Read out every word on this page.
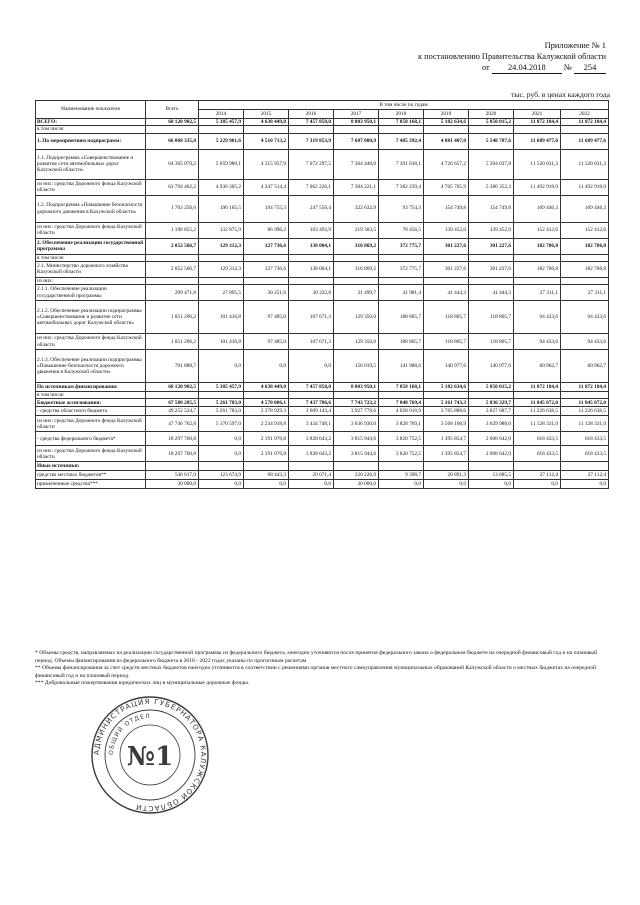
Приложение № 1
к постановлению Правительства Калужской области
от 24.04.2018 № 254
тыс. руб. в ценах каждого года
Наименование показателя	Всего	В том числе по годам								
		2014	2015	2016	2017	2018	2019	2020	2021	2022
ВСЕГО:	68 120 902,5	5 385 457,9	4 638 449,8	7 457 858,0	8 003 950,1	7 858 168,1	5 182 634,6	5 850 015,2	11 872 184,4	11 872 184,4
в том числе:										
1. По мероприятиям подпрограмм:	66 068 335,8	5 229 901,6	4 510 713,2	7 319 853,9	7 687 080,9	7 485 392,4	4 881 407,0	5 548 787,6	11 689 477,6	11 689 477,6
1.1. Подпрограмма «Совершенствование и развитие сети автомобильных дорог Калужской области»	64 365 079,2	5 059 980,1	4 315 957,9	7 072 297,5	7 364 448,0	7 391 638,1	4 726 657,2	5 394 037,8	11 520 031,3	11 520 031,3
из них: средства Дорожного фонда Калужской области	63 794 462,2	4 936 305,2	4 247 514,4	7 062 226,1	7 304 221,1	7 382 239,4	4 705 765,9	5 380 352,3	11 492 918,9	11 492 918,9
1.2. Подпрограмма «Повышение безопасности дорожного движения в Калужской области»	1 703 256,6	196 165,5	194 755,3	247 556,4	322 632,9	93 754,3	154 749,8	154 749,8	169 446,3	169 446,3
из них: средства Дорожного фонда Калужской области	1 198 855,2	132 875,9	86 996,2	103 493,9	219 303,5	78 456,5	139 452,0	139 452,0	152 412,6	152 412,6
2. Обеспечение реализации государственной программы	2 052 566,7	129 312,3	127 736,6	138 004,1	316 869,2	372 775,7	301 227,6	301 227,6	182 706,8	182 706,8
в том числе:										
2.1. Министерство дорожного хозяйства Калужской области	2 052 566,7	129 312,3	127 736,6	138 004,1	316 869,2	372 775,7	301 227,6	301 227,6	182 706,8	182 706,8
из них:										
2.1.1. Обеспечение реализации государственной программы	299 471,8	27 895,5	30 251,6	30 332,8	31 499,7	41 981,4	41 444,3	41 444,3	27 311,1	27 311,1
2.1.2. Обеспечение реализации подпрограммы «Совершенствование и развитие сети автомобильных дорог Калужской области»	1 051 206,2	101 416,8	97 485,0	107 671,3	129 350,0	188 805,7	118 805,7	118 805,7	94 433,6	94 433,6
из них: средства Дорожного фонда Калужской области	1 051 206,2	101 416,8	97 485,0	107 671,3	129 350,0	188 805,7	118 805,7	118 805,7	94 433,6	94 433,6
2.1.3. Обеспечение реализации подпрограммы «Повышение безопасности дорожного движения в Калужской области»	701 888,7	0,0	0,0	0,0	156 019,5	141 988,6	140 977,6	140 977,6	60 962,7	60 962,7
По источникам финансирования:	68 120 902,5	5 385 457,9	4 638 449,8	7 457 858,0	8 003 950,1	7 858 168,1	5 182 634,6	5 850 015,2	11 872 184,4	11 872 184,4
в том числе:										
Бюджетные ассигнования:	67 580 285,5	5 261 783,0	4 570 006,1	7 437 786,6	7 743 723,2	7 848 769,4	5 161 743,3	5 836 329,7	11 845 072,0	11 845 072,0
- средства областного бюджета	49 252 524,7	5 261 783,0	2 378 929,3	3 609 143,4	3 927 778,6	4 028 016,9	3 765 888,6	3 827 687,7	11 226 638,5	11 226 638,5
из них: средства Дорожного фонда Калужской области	47 746 762,8	5 170 597,0	2 234 918,8	3 434 748,1	3 636 930,0	3 828 769,1	3 568 168,9	3 629 988,0	11 128 331,0	11 128 331,0
- средства федерального бюджета*	18 297 760,8	0,0	2 191 076,8	3 828 643,2	3 815 944,6	3 820 752,5	1 395 854,7	2 008 642,0	618 433,5	618 433,5
из них: средства Дорожного фонда Калужской области	18 297 760,8	0,0	2 191 076,8	3 828 643,2	3 815 944,6	3 820 752,5	1 395 854,7	2 008 642,0	618 433,5	618 433,5
Иные источники:										
средства местных бюджетов**	540 617,0	123 674,9	68 443,3	20 071,4	220 226,9	9 398,7	20 891,3	13 685,5	27 112,4	27 112,4
привлеченные средства***	30 000,0	0,0	0,0	0,0	30 000,0	0,0	0,0	0,0	0,0	0,0

* Объемы средств, направляемых на реализацию государственной программы из федерального бюджета, ежегодно уточняются после принятия федерального закона о федеральном бюджете на очередной финансовый год и на плановый период. Объемы финансирования из федерального бюджета в 2018 - 2022 годах указаны по прогнозным расчетам

** Объемы финансирования за счет средств местных бюджетов ежегодно уточняются в соответствии с решениями органов местного самоуправления муниципальных образований Калужской области о местных бюджетах на очередной финансовый год и на плановый период.

*** Добровольные пожертвования юридических лиц в муниципальные дорожные фонды.

АДМИНИСТРАЦИЯ ГУБЕРНАТОРА КАЛУЖСКОЙ ОБЛАСТИ
ОБЩИЙ ОТДЕЛ
№1
